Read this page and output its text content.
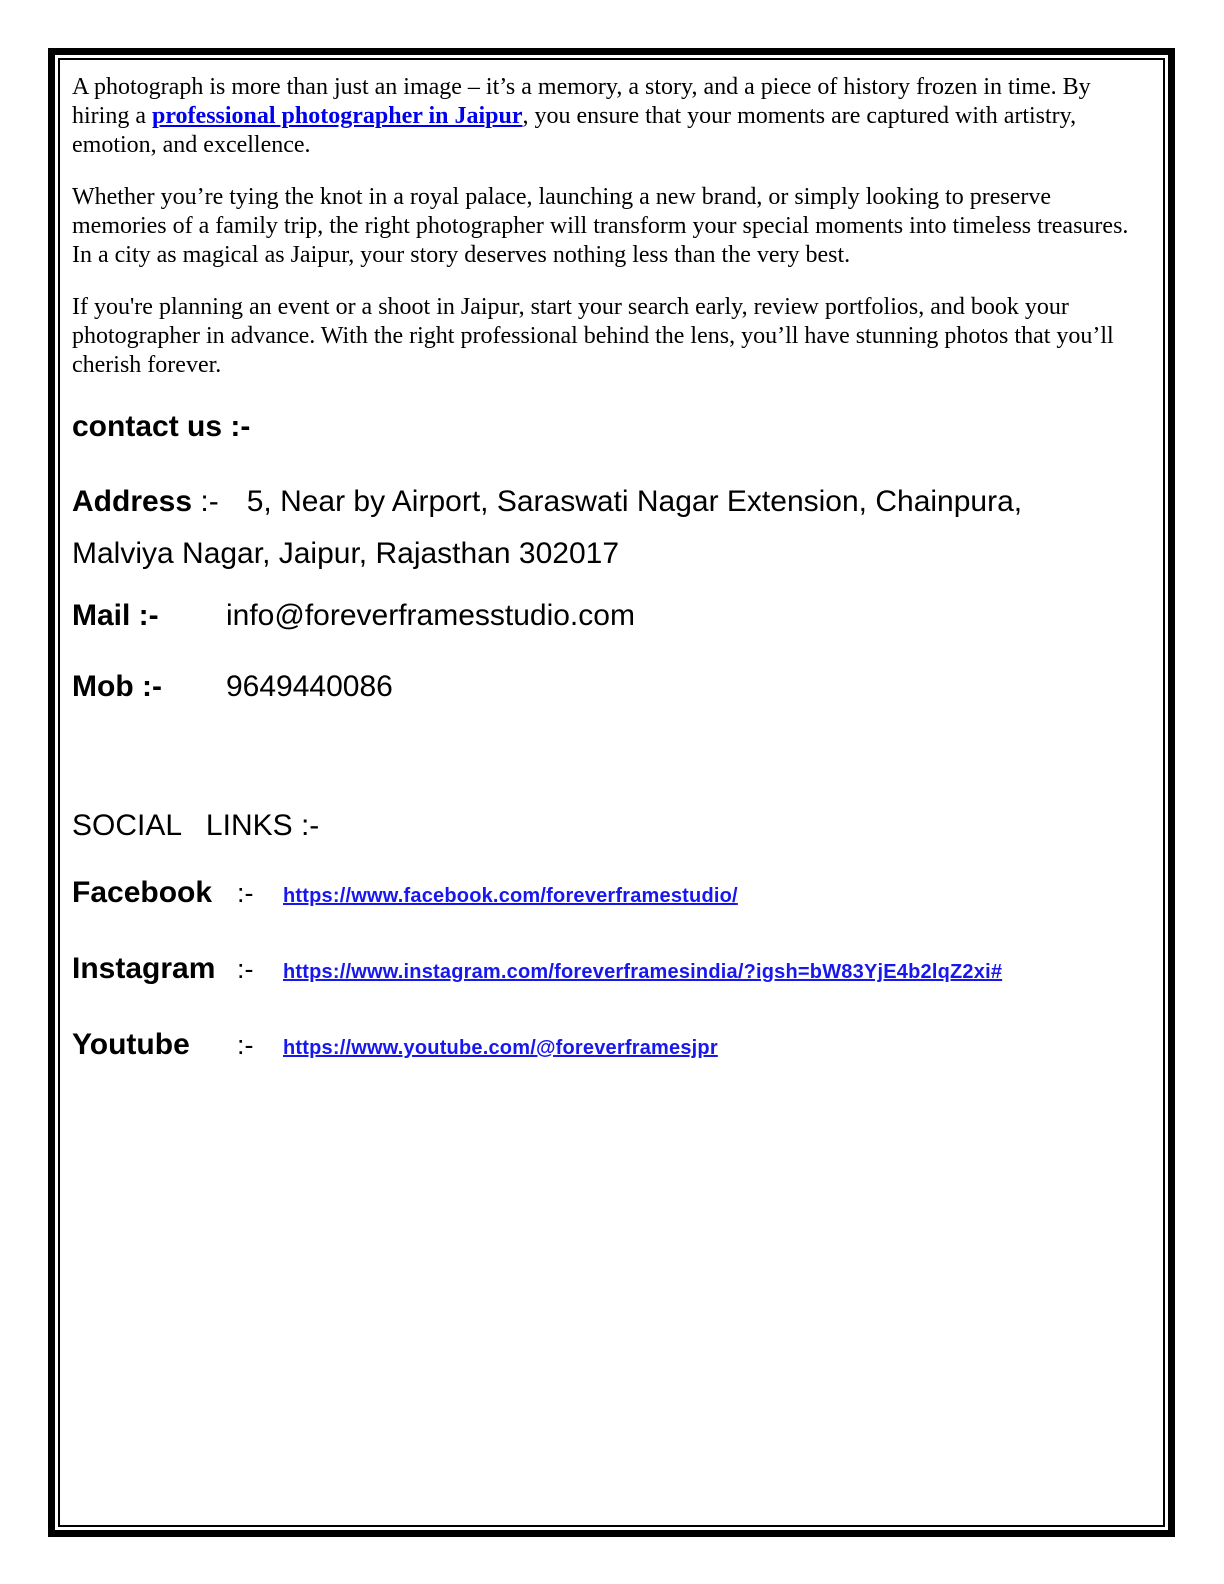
A photograph is more than just an image – it’s a memory, a story, and a piece of history frozen in time. By hiring a professional photographer in Jaipur, you ensure that your moments are captured with artistry, emotion, and excellence.

Whether you’re tying the knot in a royal palace, launching a new brand, or simply looking to preserve memories of a family trip, the right photographer will transform your special moments into timeless treasures. In a city as magical as Jaipur, your story deserves nothing less than the very best.

If you're planning an event or a shoot in Jaipur, start your search early, review portfolios, and book your photographer in advance. With the right professional behind the lens, you’ll have stunning photos that you’ll cherish forever.

contact us :-
Address :- 5, Near by Airport, Saraswati Nagar Extension, Chainpura,
Malviya Nagar, Jaipur, Rajasthan 302017
Mail :-	info@foreverframesstudio.com
Mob :-	9649440086
SOCIAL   LINKS :-
Facebook :-	https://www.facebook.com/foreverframestudio/
Instagram :-	https://www.instagram.com/foreverframesindia/?igsh=bW83YjE4b2lqZ2xi#
Youtube	:-	https://www.youtube.com/@foreverframesjpr
